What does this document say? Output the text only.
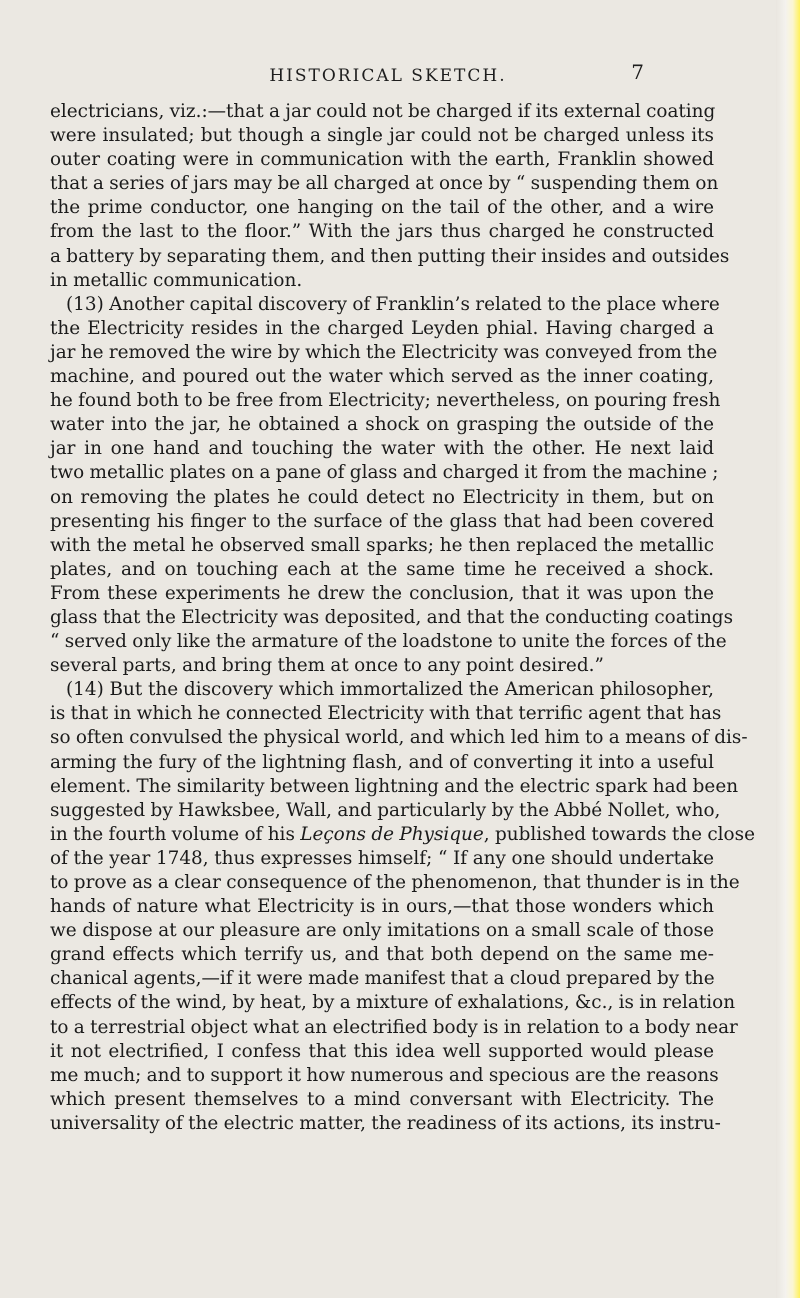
HISTORICAL SKETCH.	7
electricians, viz.:—that a jar could not be charged if its external coating
were insulated; but though a single jar could not be charged unless its
outer coating were in communication with the earth, Franklin showed
that a series of jars may be all charged at once by “ suspending them on
the prime conductor, one hanging on the tail of the other, and a wire
from the last to the floor.” With the jars thus charged he constructed
a battery by separating them, and then putting their insides and outsides
in metallic communication.
(13) Another capital discovery of Franklin’s related to the place where
the Electricity resides in the charged Leyden phial. Having charged a
jar he removed the wire by which the Electricity was conveyed from the
machine, and poured out the water which served as the inner coating,
he found both to be free from Electricity; nevertheless, on pouring fresh
water into the jar, he obtained a shock on grasping the outside of the
jar in one hand and touching the water with the other. He next laid
two metallic plates on a pane of glass and charged it from the machine ;
on removing the plates he could detect no Electricity in them, but on
presenting his finger to the surface of the glass that had been covered
with the metal he observed small sparks; he then replaced the metallic
plates, and on touching each at the same time he received a shock.
From these experiments he drew the conclusion, that it was upon the
glass that the Electricity was deposited, and that the conducting coatings
“ served only like the armature of the loadstone to unite the forces of the
several parts, and bring them at once to any point desired.”
(14) But the discovery which immortalized the American philosopher,
is that in which he connected Electricity with that terrific agent that has
so often convulsed the physical world, and which led him to a means of dis-
arming the fury of the lightning flash, and of converting it into a useful
element. The similarity between lightning and the electric spark had been
suggested by Hawksbee, Wall, and particularly by the Abbé Nollet, who,
in the fourth volume of his Leçons de Physique, published towards the close
of the year 1748, thus expresses himself; “ If any one should undertake
to prove as a clear consequence of the phenomenon, that thunder is in the
hands of nature what Electricity is in ours,—that those wonders which
we dispose at our pleasure are only imitations on a small scale of those
grand effects which terrify us, and that both depend on the same me-
chanical agents,—if it were made manifest that a cloud prepared by the
effects of the wind, by heat, by a mixture of exhalations, &c., is in relation
to a terrestrial object what an electrified body is in relation to a body near
it not electrified, I confess that this idea well supported would please
me much; and to support it how numerous and specious are the reasons
which present themselves to a mind conversant with Electricity. The
universality of the electric matter, the readiness of its actions, its instru-
